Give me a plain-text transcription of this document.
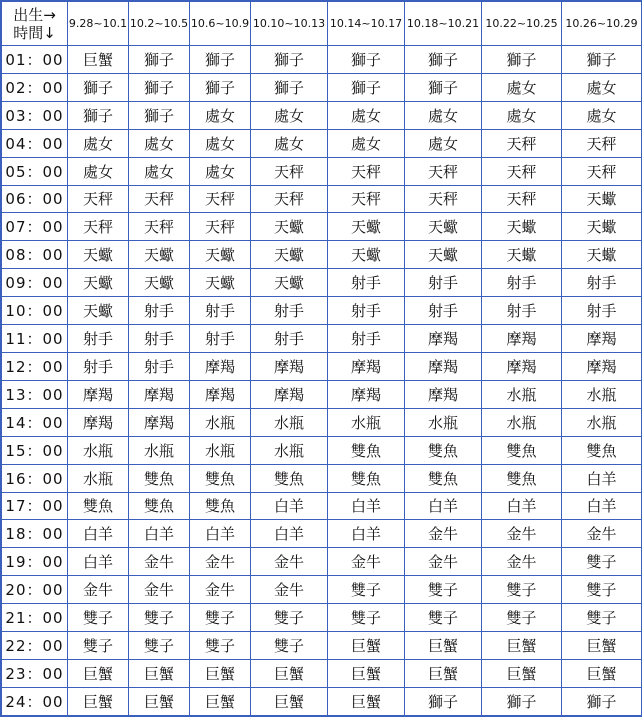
出生→
時間↓	9.28~10.1	10.2~10.5	10.6~10.9	10.10~10.13	10.14~10.17	10.18~10.21	10.22~10.25	10.26~10.29
01：00	巨蟹	獅子	獅子	獅子	獅子	獅子	獅子	獅子
02：00	獅子	獅子	獅子	獅子	獅子	獅子	處女	處女
03：00	獅子	獅子	處女	處女	處女	處女	處女	處女
04：00	處女	處女	處女	處女	處女	處女	天秤	天秤
05：00	處女	處女	處女	天秤	天秤	天秤	天秤	天秤
06：00	天秤	天秤	天秤	天秤	天秤	天秤	天秤	天蠍
07：00	天秤	天秤	天秤	天蠍	天蠍	天蠍	天蠍	天蠍
08：00	天蠍	天蠍	天蠍	天蠍	天蠍	天蠍	天蠍	天蠍
09：00	天蠍	天蠍	天蠍	天蠍	射手	射手	射手	射手
10：00	天蠍	射手	射手	射手	射手	射手	射手	射手
11：00	射手	射手	射手	射手	射手	摩羯	摩羯	摩羯
12：00	射手	射手	摩羯	摩羯	摩羯	摩羯	摩羯	摩羯
13：00	摩羯	摩羯	摩羯	摩羯	摩羯	摩羯	水瓶	水瓶
14：00	摩羯	摩羯	水瓶	水瓶	水瓶	水瓶	水瓶	水瓶
15：00	水瓶	水瓶	水瓶	水瓶	雙魚	雙魚	雙魚	雙魚
16：00	水瓶	雙魚	雙魚	雙魚	雙魚	雙魚	雙魚	白羊
17：00	雙魚	雙魚	雙魚	白羊	白羊	白羊	白羊	白羊
18：00	白羊	白羊	白羊	白羊	白羊	金牛	金牛	金牛
19：00	白羊	金牛	金牛	金牛	金牛	金牛	金牛	雙子
20：00	金牛	金牛	金牛	金牛	雙子	雙子	雙子	雙子
21：00	雙子	雙子	雙子	雙子	雙子	雙子	雙子	雙子
22：00	雙子	雙子	雙子	雙子	巨蟹	巨蟹	巨蟹	巨蟹
23：00	巨蟹	巨蟹	巨蟹	巨蟹	巨蟹	巨蟹	巨蟹	巨蟹
24：00	巨蟹	巨蟹	巨蟹	巨蟹	巨蟹	獅子	獅子	獅子
